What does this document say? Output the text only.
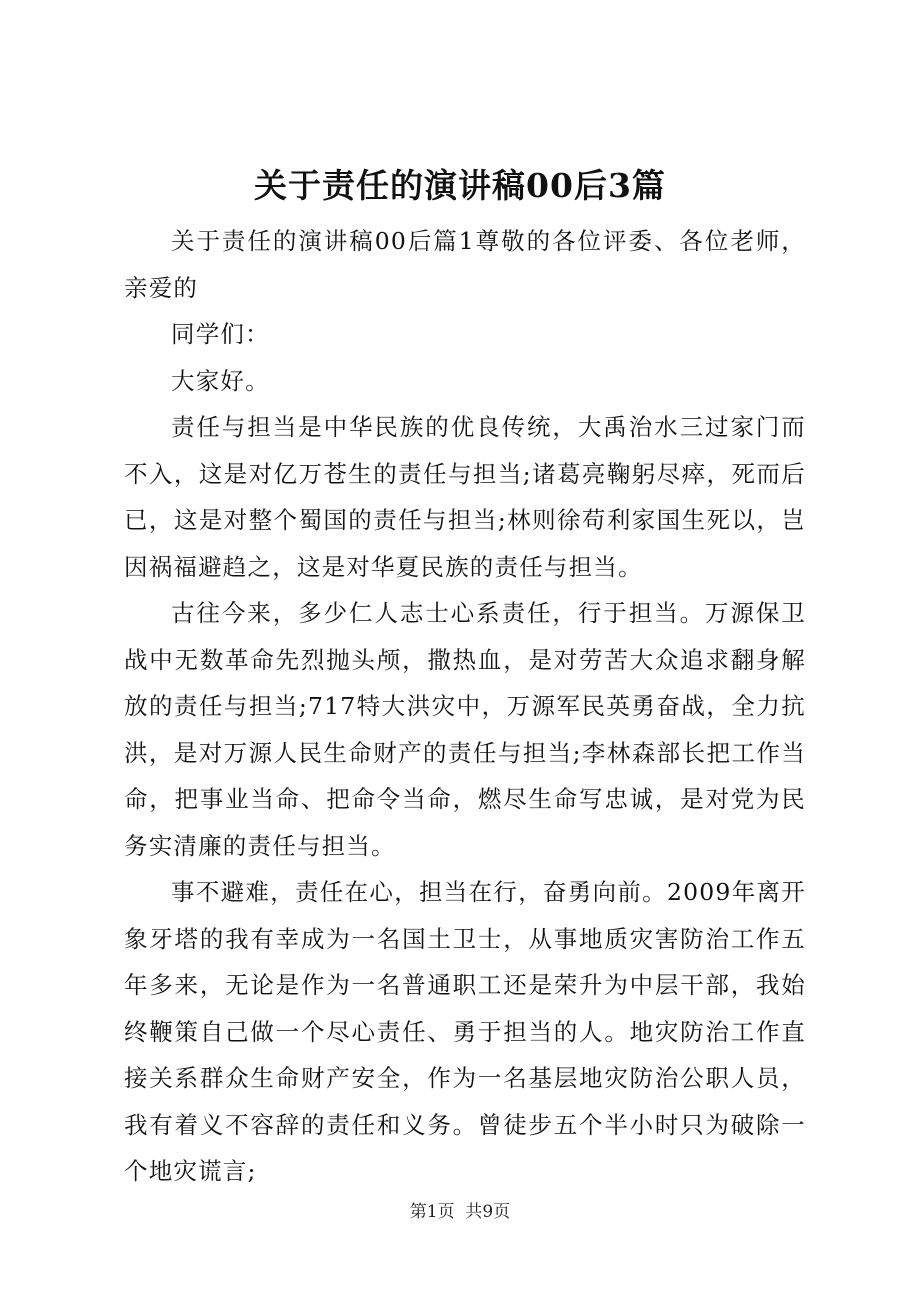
关于责任的演讲稿00后3篇

关于责任的演讲稿00后篇1尊敬的各位评委、各位老师，亲爱的

同学们：

大家好。

责任与担当是中华民族的优良传统，大禹治水三过家门而不入，这是对亿万苍生的责任与担当;诸葛亮鞠躬尽瘁，死而后已，这是对整个蜀国的责任与担当;林则徐苟利家国生死以，岂因祸福避趋之，这是对华夏民族的责任与担当。

古往今来，多少仁人志士心系责任，行于担当。万源保卫战中无数革命先烈抛头颅，撒热血，是对劳苦大众追求翻身解放的责任与担当;717特大洪灾中，万源军民英勇奋战，全力抗洪，是对万源人民生命财产的责任与担当;李林森部长把工作当命，把事业当命、把命令当命，燃尽生命写忠诚，是对党为民务实清廉的责任与担当。

事不避难，责任在心，担当在行，奋勇向前。2009年离开象牙塔的我有幸成为一名国土卫士，从事地质灾害防治工作五年多来，无论是作为一名普通职工还是荣升为中层干部，我始终鞭策自己做一个尽心责任、勇于担当的人。地灾防治工作直接关系群众生命财产安全，作为一名基层地灾防治公职人员，我有着义不容辞的责任和义务。曾徒步五个半小时只为破除一个地灾谎言;

第1页 共9页
